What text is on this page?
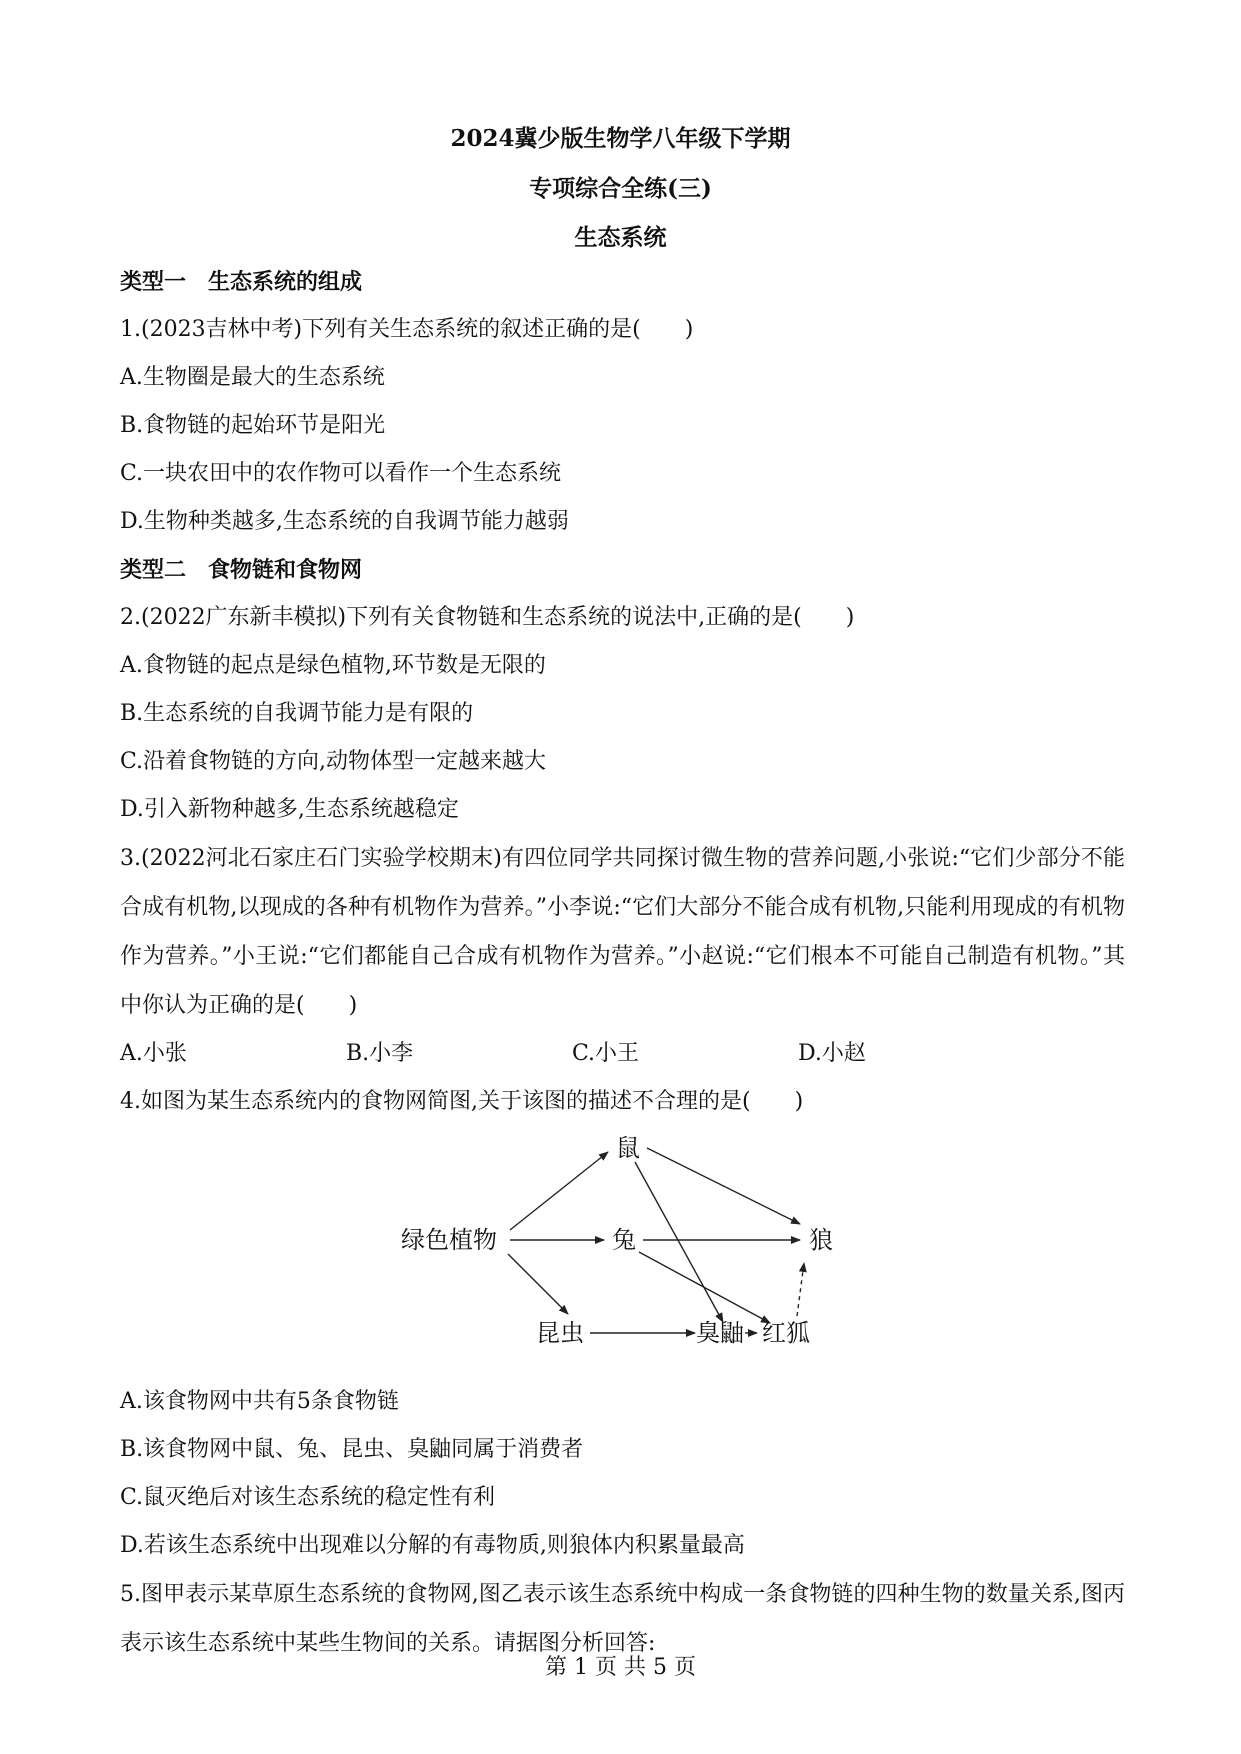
2024冀少版生物学八年级下学期
专项综合全练(三)
生态系统
类型一　生态系统的组成
1.(2023吉林中考)下列有关生态系统的叙述正确的是(　　)
A.生物圈是最大的生态系统
B.食物链的起始环节是阳光
C.一块农田中的农作物可以看作一个生态系统
D.生物种类越多,生态系统的自我调节能力越弱
类型二　食物链和食物网
2.(2022广东新丰模拟)下列有关食物链和生态系统的说法中,正确的是(　　)
A.食物链的起点是绿色植物,环节数是无限的
B.生态系统的自我调节能力是有限的
C.沿着食物链的方向,动物体型一定越来越大
D.引入新物种越多,生态系统越稳定

3.(2022河北石家庄石门实验学校期末)有四位同学共同探讨微生物的营养问题,小张说:“它们少部分不能合成有机物,以现成的各种有机物作为营养。”小李说:“它们大部分不能合成有机物,只能利用现成的有机物作为营养。”小王说:“它们都能自己合成有机物作为营养。”小赵说:“它们根本不可能自己制造有机物。”其中你认为正确的是(　　)

A.小张	B.小李	C.小王	D.小赵
4.如图为某生态系统内的食物网简图,关于该图的描述不合理的是(　　)
鼠
绿色植物	兔	狼
昆虫	臭鼬 红狐
A.该食物网中共有5条食物链
B.该食物网中鼠、兔、昆虫、臭鼬同属于消费者
C.鼠灭绝后对该生态系统的稳定性有利
D.若该生态系统中出现难以分解的有毒物质,则狼体内积累量最高

5.图甲表示某草原生态系统的食物网,图乙表示该生态系统中构成一条食物链的四种生物的数量关系,图丙表示该生态系统中某些生物间的关系。请据图分析回答:

第 1 页 共 5 页
